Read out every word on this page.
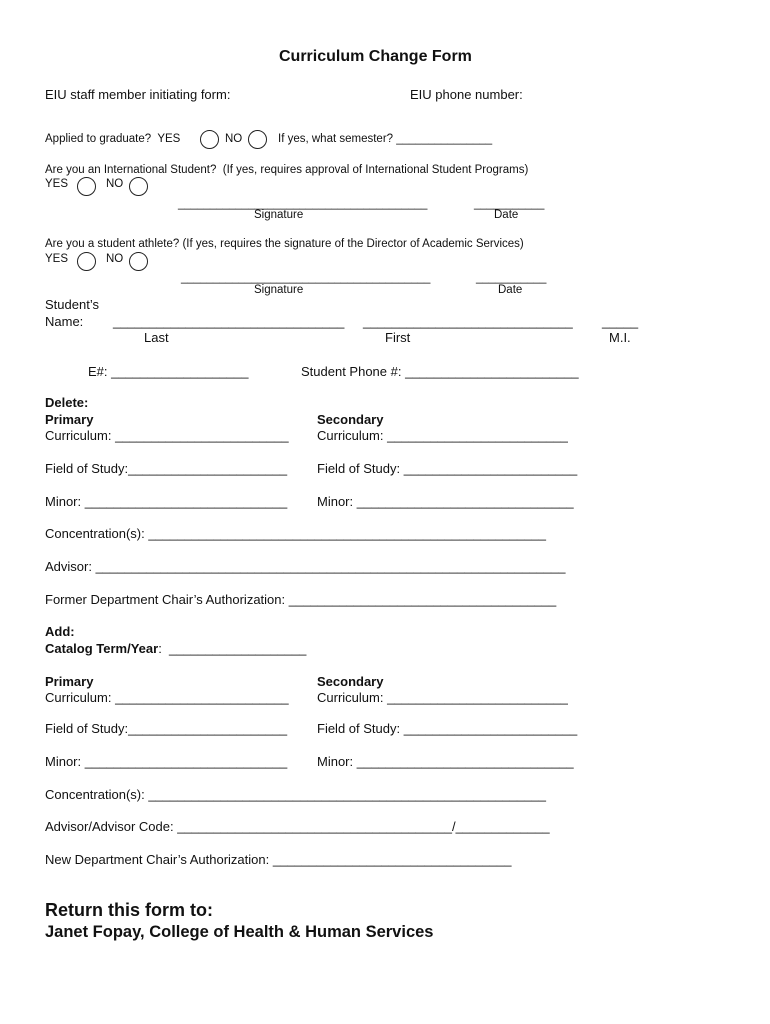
Curriculum Change Form
EIU staff member initiating form:	EIU phone number:
Applied to graduate?  YES	NO	If yes, what semester? _______________
Are you an International Student?  (If yes, requires approval of International Student Programs)
YES	NO
_______________________________________	___________
Signature	Date
Are you a student athlete? (If yes, requires the signature of the Director of Academic Services)
YES	NO
_______________________________________	___________
Signature	Date
Student’s
Name: ________________________________ _____________________________ _____
Last	First	M.I.
E#: ___________________	Student Phone #: ________________________
Delete:
Primary	Secondary
Curriculum: ________________________ Curriculum: _________________________
Field of Study:______________________ Field of Study: ________________________
Minor: ____________________________ Minor: ______________________________
Concentration(s): _______________________________________________________
Advisor: _________________________________________________________________
Former Department Chair’s Authorization: _____________________________________
Add:
Catalog Term/Year:  ___________________
Primary	Secondary
Curriculum: ________________________ Curriculum: _________________________
Field of Study:______________________ Field of Study: ________________________
Minor: ____________________________ Minor: ______________________________
Concentration(s): _______________________________________________________
Advisor/Advisor Code: ______________________________________/_____________
New Department Chair’s Authorization: _________________________________
Return this form to:
Janet Fopay, College of Health & Human Services
